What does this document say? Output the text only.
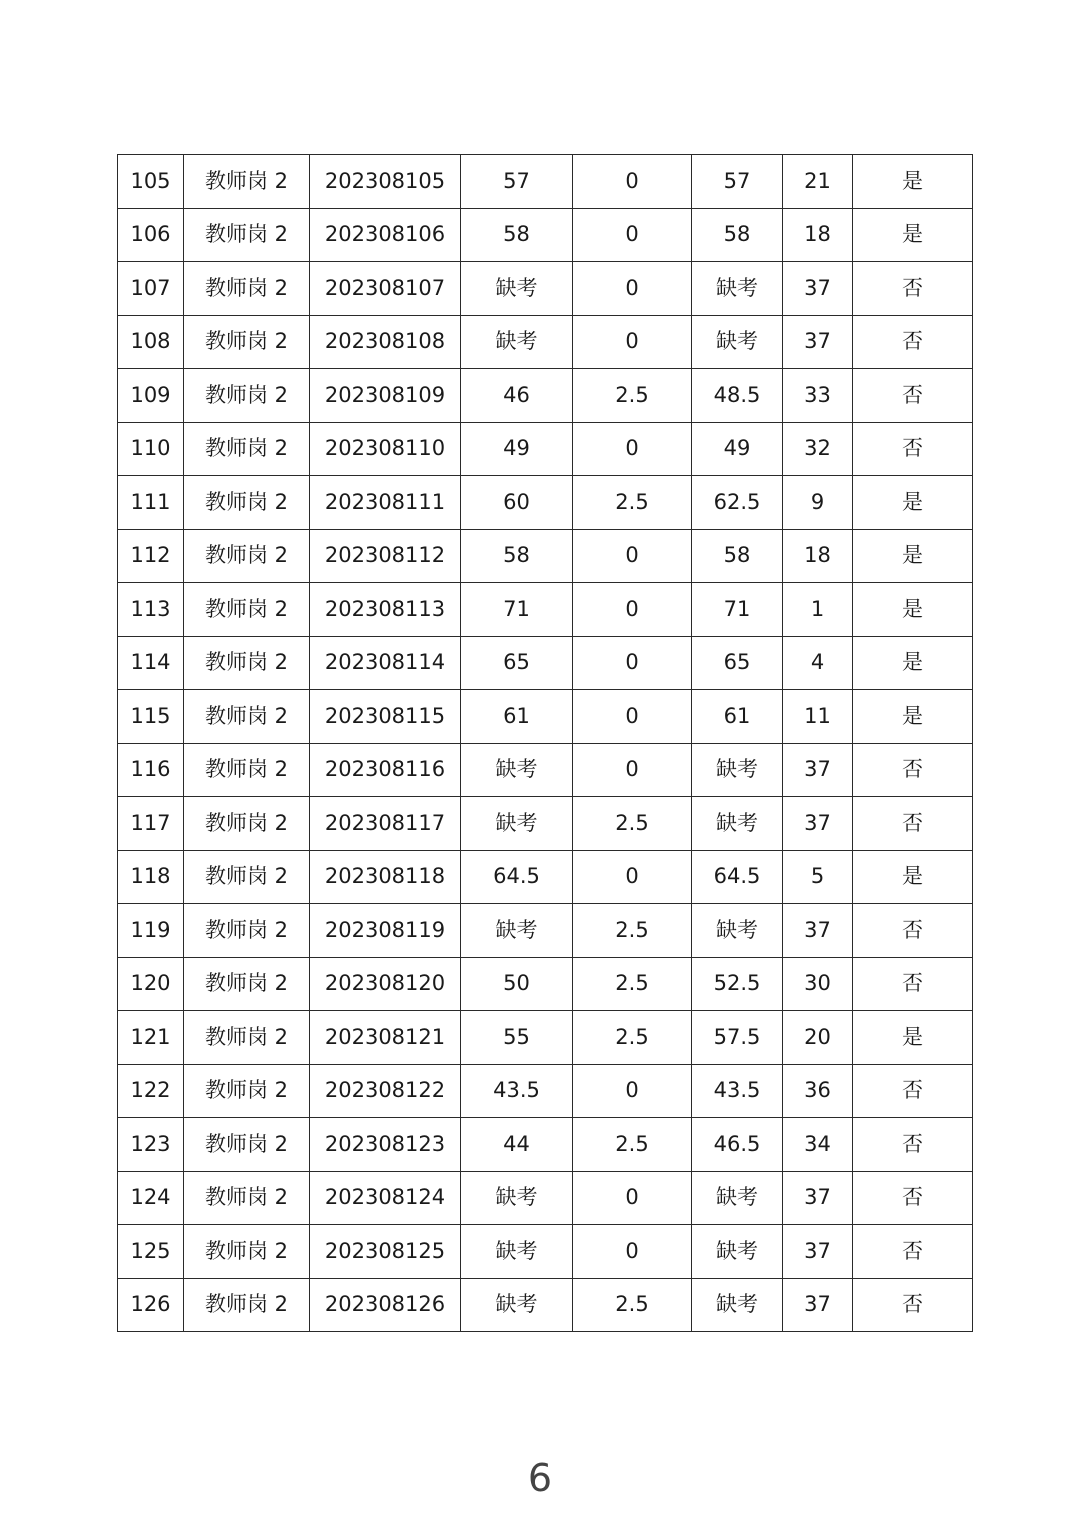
105	教师岗 2	202308105	57	0	57	21	是
106	教师岗 2	202308106	58	0	58	18	是
107	教师岗 2	202308107	缺考	0	缺考	37	否
108	教师岗 2	202308108	缺考	0	缺考	37	否
109	教师岗 2	202308109	46	2.5	48.5	33	否
110	教师岗 2	202308110	49	0	49	32	否
111	教师岗 2	202308111	60	2.5	62.5	9	是
112	教师岗 2	202308112	58	0	58	18	是
113	教师岗 2	202308113	71	0	71	1	是
114	教师岗 2	202308114	65	0	65	4	是
115	教师岗 2	202308115	61	0	61	11	是
116	教师岗 2	202308116	缺考	0	缺考	37	否
117	教师岗 2	202308117	缺考	2.5	缺考	37	否
118	教师岗 2	202308118	64.5	0	64.5	5	是
119	教师岗 2	202308119	缺考	2.5	缺考	37	否
120	教师岗 2	202308120	50	2.5	52.5	30	否
121	教师岗 2	202308121	55	2.5	57.5	20	是
122	教师岗 2	202308122	43.5	0	43.5	36	否
123	教师岗 2	202308123	44	2.5	46.5	34	否
124	教师岗 2	202308124	缺考	0	缺考	37	否
125	教师岗 2	202308125	缺考	0	缺考	37	否
126	教师岗 2	202308126	缺考	2.5	缺考	37	否
6
